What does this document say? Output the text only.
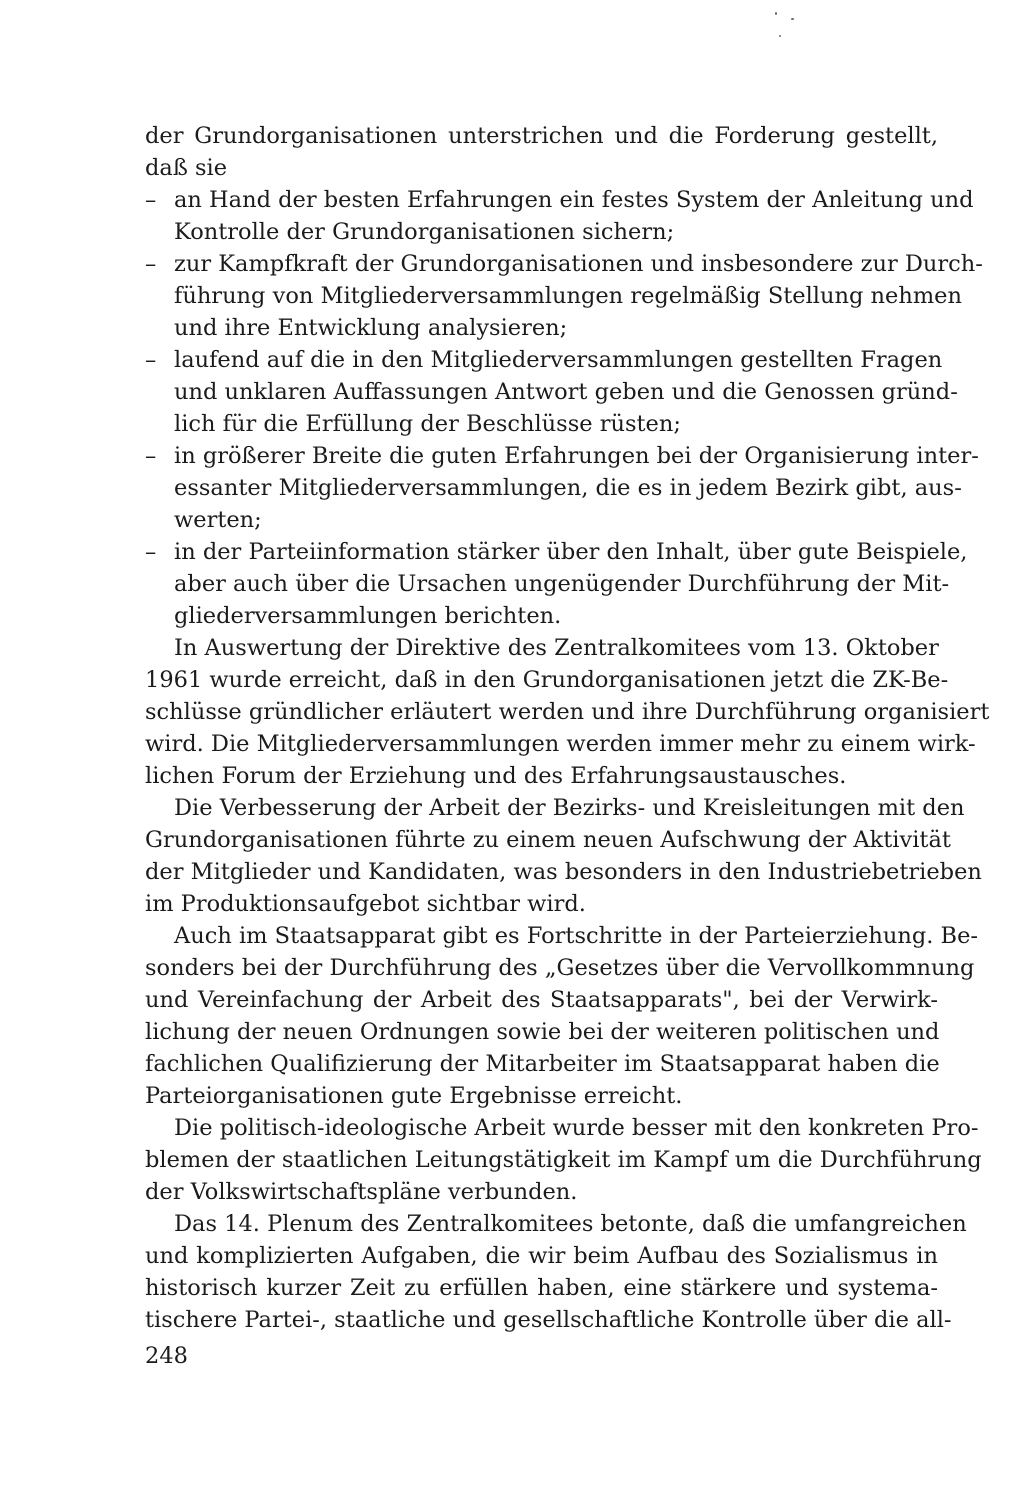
der Grundorganisationen unterstrichen und die Forderung gestellt,
daß sie
– an Hand der besten Erfahrungen ein festes System der Anleitung und
Kontrolle der Grundorganisationen sichern;
– zur Kampfkraft der Grundorganisationen und insbesondere zur Durch-
führung von Mitgliederversammlungen regelmäßig Stellung nehmen
und ihre Entwicklung analysieren;
– laufend auf die in den Mitgliederversammlungen gestellten Fragen
und unklaren Auffassungen Antwort geben und die Genossen gründ-
lich für die Erfüllung der Beschlüsse rüsten;
– in größerer Breite die guten Erfahrungen bei der Organisierung inter-
essanter Mitgliederversammlungen, die es in jedem Bezirk gibt, aus-
werten;
– in der Parteiinformation stärker über den Inhalt, über gute Beispiele,
aber auch über die Ursachen ungenügender Durchführung der Mit-
gliederversammlungen berichten.
In Auswertung der Direktive des Zentralkomitees vom 13. Oktober
1961 wurde erreicht, daß in den Grundorganisationen jetzt die ZK-Be-
schlüsse gründlicher erläutert werden und ihre Durchführung organisiert
wird. Die Mitgliederversammlungen werden immer mehr zu einem wirk-
lichen Forum der Erziehung und des Erfahrungsaustausches.
Die Verbesserung der Arbeit der Bezirks- und Kreisleitungen mit den
Grundorganisationen führte zu einem neuen Aufschwung der Aktivität
der Mitglieder und Kandidaten, was besonders in den Industriebetrieben
im Produktionsaufgebot sichtbar wird.
Auch im Staatsapparat gibt es Fortschritte in der Parteierziehung. Be-
sonders bei der Durchführung des „Gesetzes über die Vervollkommnung
und Vereinfachung der Arbeit des Staatsapparats", bei der Verwirk-
lichung der neuen Ordnungen sowie bei der weiteren politischen und
fachlichen Qualifizierung der Mitarbeiter im Staatsapparat haben die
Parteiorganisationen gute Ergebnisse erreicht.
Die politisch-ideologische Arbeit wurde besser mit den konkreten Pro-
blemen der staatlichen Leitungstätigkeit im Kampf um die Durchführung
der Volkswirtschaftspläne verbunden.
Das 14. Plenum des Zentralkomitees betonte, daß die umfangreichen
und komplizierten Aufgaben, die wir beim Aufbau des Sozialismus in
historisch kurzer Zeit zu erfüllen haben, eine stärkere und systema-
tischere Partei-, staatliche und gesellschaftliche Kontrolle über die all-
248
